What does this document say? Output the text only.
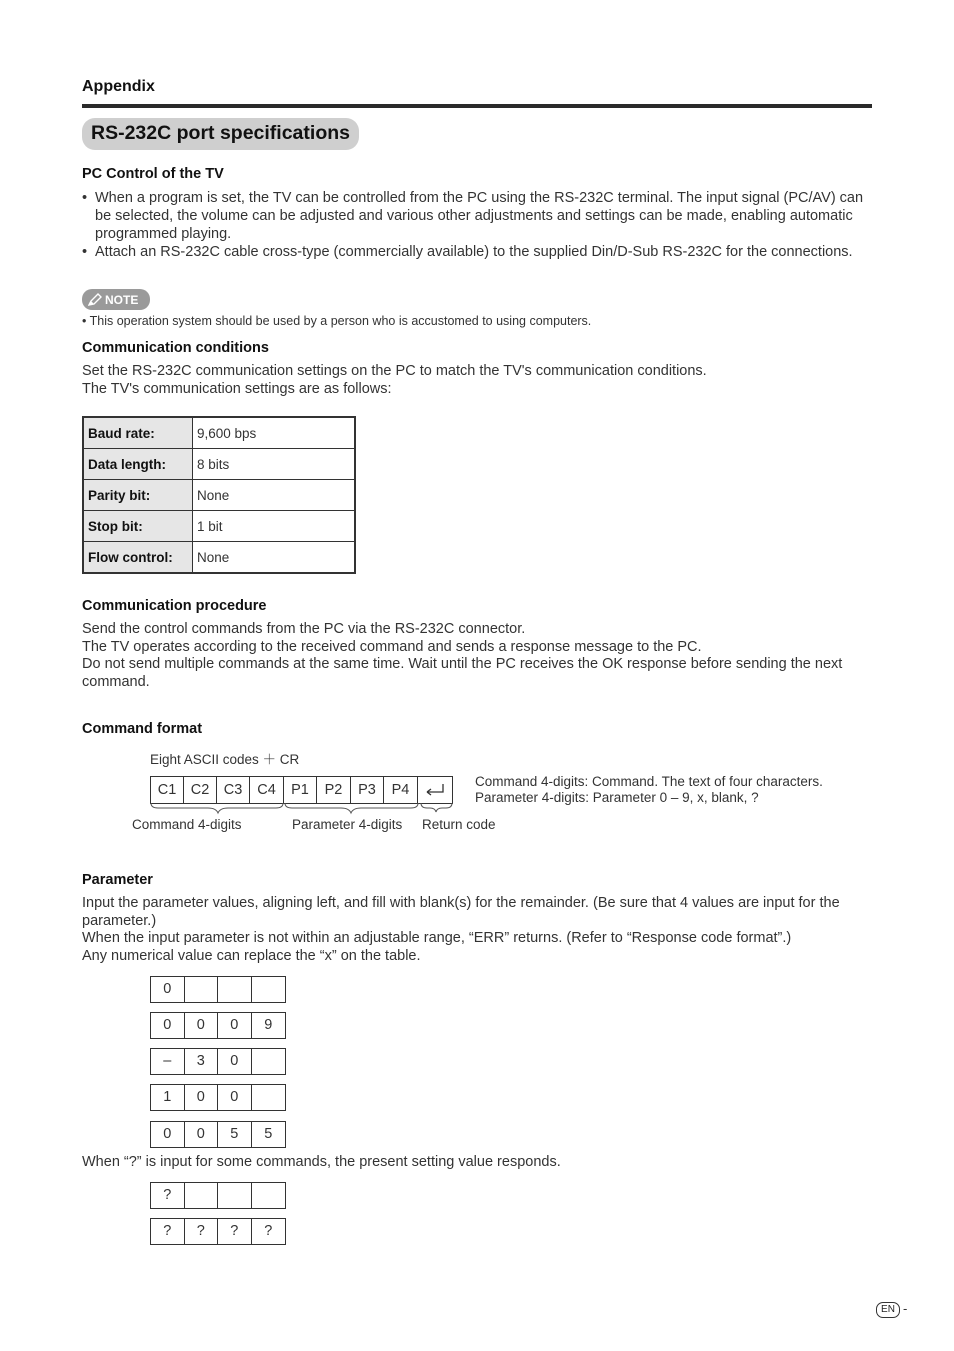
Appendix
RS-232C port specifications
PC Control of the TV
• When a program is set, the TV can be controlled from the PC using the RS-232C terminal. The input signal (PC/AV) can be selected, the volume can be adjusted and various other adjustments and settings can be made, enabling automatic programmed playing.
• Attach an RS-232C cable cross-type (commercially available) to the supplied Din/D-Sub RS-232C for the connections.
NOTE
• This operation system should be used by a person who is accustomed to using computers.
Communication conditions
Set the RS-232C communication settings on the PC to match the TV's communication conditions.
The TV's communication settings are as follows:
Baud rate:	9,600 bps
Data length:	8 bits
Parity bit:	None
Stop bit:	1 bit
Flow control:	None
Communication procedure
Send the control commands from the PC via the RS-232C connector.
The TV operates according to the received command and sends a response message to the PC.
Do not send multiple commands at the same time. Wait until the PC receives the OK response before sending the next command.
Command format
Eight ASCII codes ＋ CR
C1 C2 C3	C4	P1	P2	P3	P4
Command 4-digits: Command. The text of four characters.
Parameter 4-digits: Parameter 0 – 9, x, blank, ?
Command 4-digits	Parameter 4-digits Return code
Parameter
Input the parameter values, aligning left, and fill with blank(s) for the remainder. (Be sure that 4 values are input for the parameter.)
When the input parameter is not within an adjustable range, “ERR” returns. (Refer to “Response code format”.)
Any numerical value can replace the “x” on the table.
0
0	0	0	9
–	3	0
1	0	0
0	0	5	5
When “?” is input for some commands, the present setting value responds.
?
?	?	?	?
EN -
